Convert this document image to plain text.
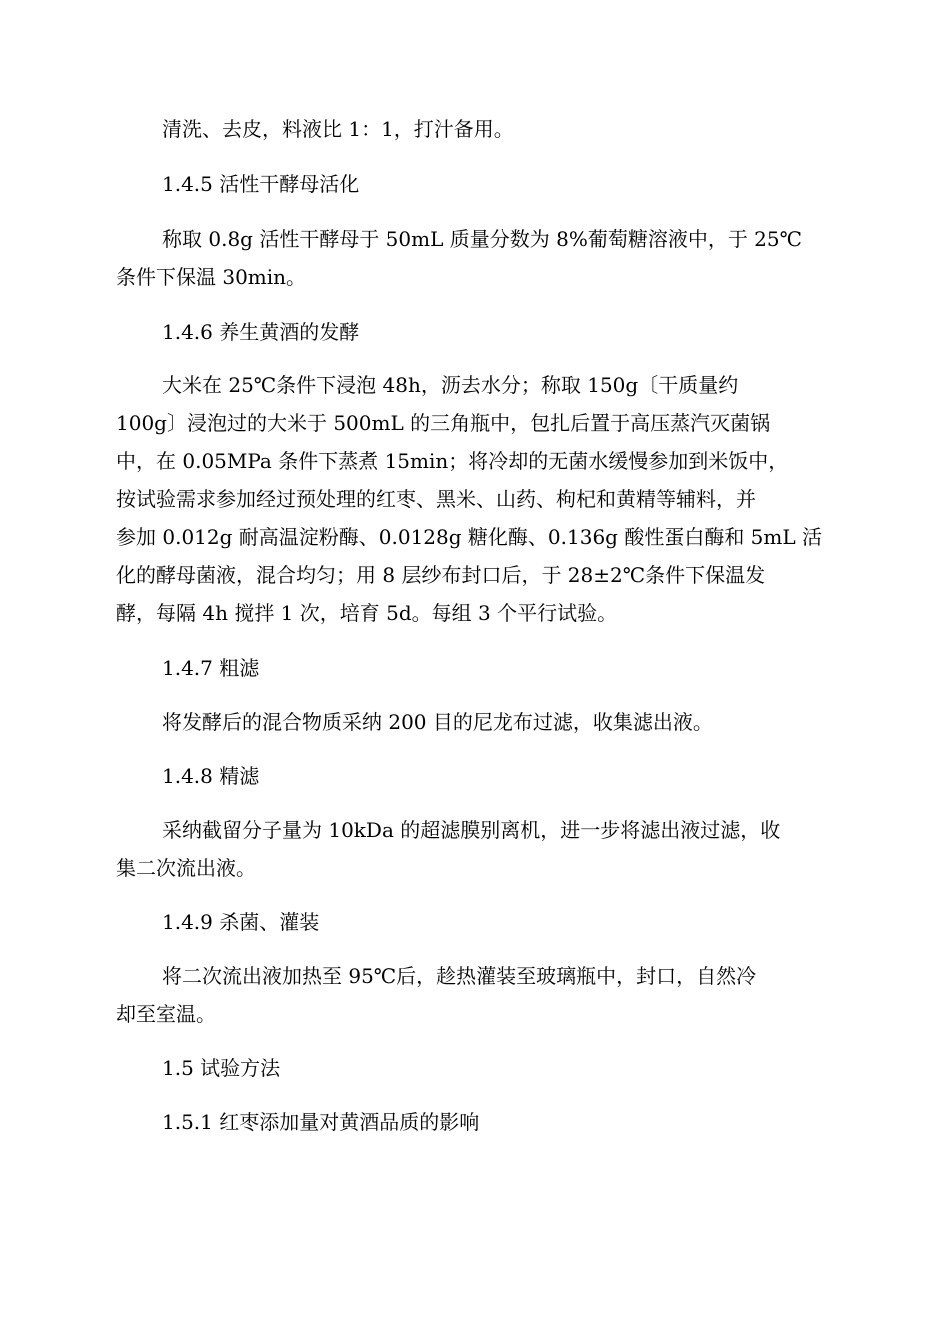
清洗、去皮，料液比 1：1，打汁备用。
1.4.5 活性干酵母活化
称取 0.8g 活性干酵母于 50mL 质量分数为 8%葡萄糖溶液中，于 25℃
条件下保温 30min。
1.4.6 养生黄酒的发酵
大米在 25℃条件下浸泡 48h，沥去水分；称取 150g〔干质量约
100g〕浸泡过的大米于 500mL 的三角瓶中，包扎后置于高压蒸汽灭菌锅
中，在 0.05MPa 条件下蒸煮 15min；将冷却的无菌水缓慢参加到米饭中，
按试验需求参加经过预处理的红枣、黑米、山药、枸杞和黄精等辅料，并
参加 0.012g 耐高温淀粉酶、0.0128g 糖化酶、0.136g 酸性蛋白酶和 5mL 活
化的酵母菌液，混合均匀；用 8 层纱布封口后，于 28±2℃条件下保温发
酵，每隔 4h 搅拌 1 次，培育 5d。每组 3 个平行试验。
1.4.7 粗滤
将发酵后的混合物质采纳 200 目的尼龙布过滤，收集滤出液。
1.4.8 精滤
采纳截留分子量为 10kDa 的超滤膜别离机，进一步将滤出液过滤，收
集二次流出液。
1.4.9 杀菌、灌装
将二次流出液加热至 95℃后，趁热灌装至玻璃瓶中，封口，自然冷
却至室温。
1.5 试验方法
1.5.1 红枣添加量对黄酒品质的影响
